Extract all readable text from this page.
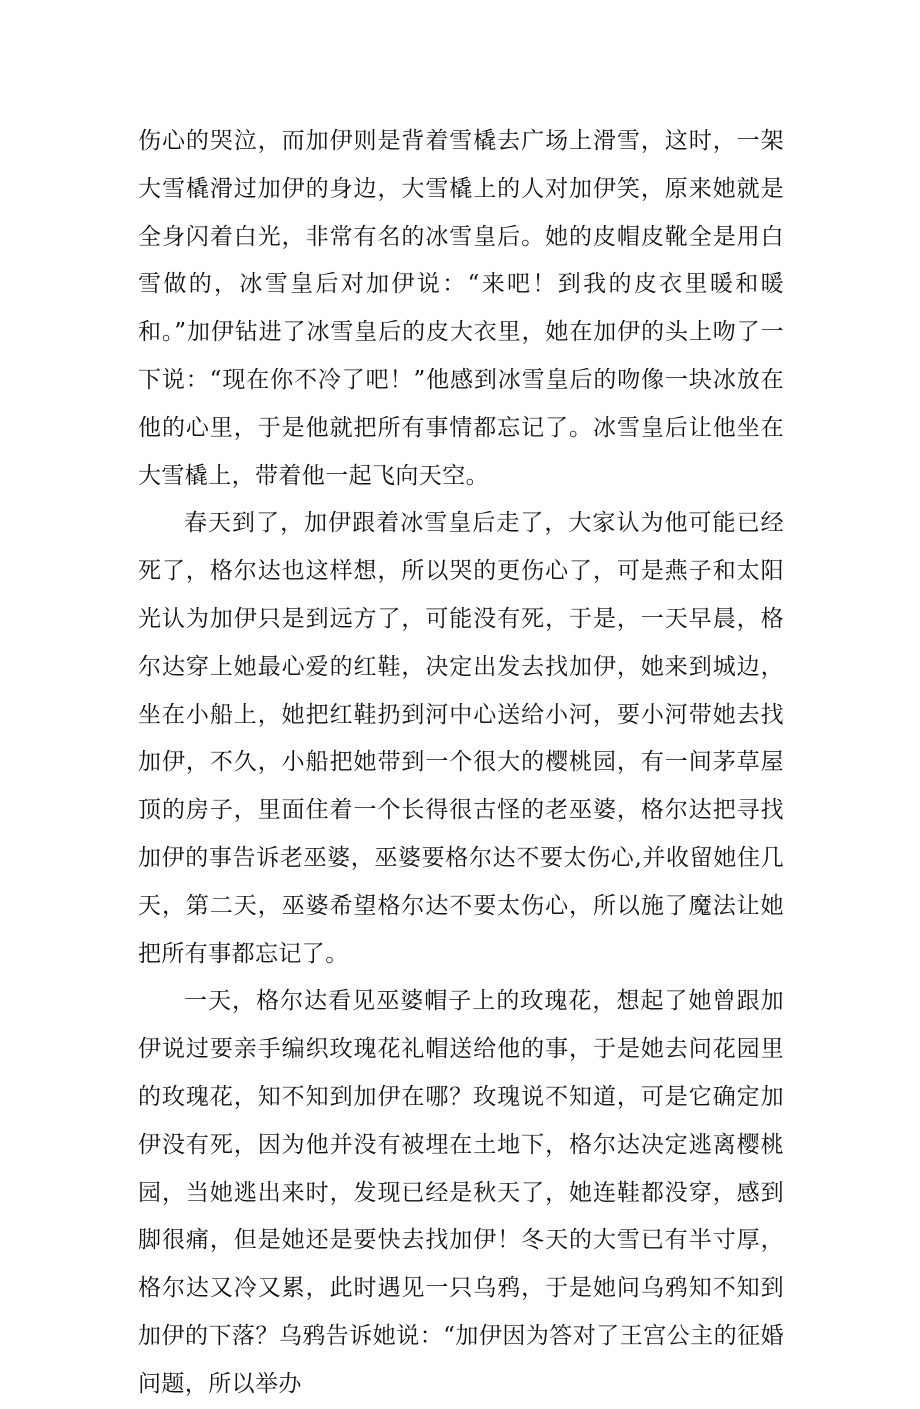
伤心的哭泣，而加伊则是背着雪橇去广场上滑雪，这时，一架大雪橇滑过加伊的身边，大雪橇上的人对加伊笑，原来她就是全身闪着白光，非常有名的冰雪皇后。她的皮帽皮靴全是用白雪做的，冰雪皇后对加伊说：“来吧！到我的皮衣里暖和暖和。”加伊钻进了冰雪皇后的皮大衣里，她在加伊的头上吻了一下说：“现在你不冷了吧！”他感到冰雪皇后的吻像一块冰放在他的心里，于是他就把所有事情都忘记了。冰雪皇后让他坐在大雪橇上，带着他一起飞向天空。

春天到了，加伊跟着冰雪皇后走了，大家认为他可能已经死了，格尔达也这样想，所以哭的更伤心了，可是燕子和太阳光认为加伊只是到远方了，可能没有死，于是，一天早晨，格尔达穿上她最心爱的红鞋，决定出发去找加伊，她来到城边，坐在小船上，她把红鞋扔到河中心送给小河，要小河带她去找加伊，不久，小船把她带到一个很大的樱桃园，有一间茅草屋顶的房子，里面住着一个长得很古怪的老巫婆，格尔达把寻找加伊的事告诉老巫婆，巫婆要格尔达不要太伤心,并收留她住几天，第二天，巫婆希望格尔达不要太伤心，所以施了魔法让她把所有事都忘记了。

一天，格尔达看见巫婆帽子上的玫瑰花，想起了她曾跟加伊说过要亲手编织玫瑰花礼帽送给他的事，于是她去问花园里的玫瑰花，知不知到加伊在哪？玫瑰说不知道，可是它确定加伊没有死，因为他并没有被埋在土地下，格尔达决定逃离樱桃园，当她逃出来时，发现已经是秋天了，她连鞋都没穿，感到脚很痛，但是她还是要快去找加伊！冬天的大雪已有半寸厚，格尔达又冷又累，此时遇见一只乌鸦，于是她问乌鸦知不知到加伊的下落？乌鸦告诉她说：“加伊因为答对了王宫公主的征婚问题，所以举办
